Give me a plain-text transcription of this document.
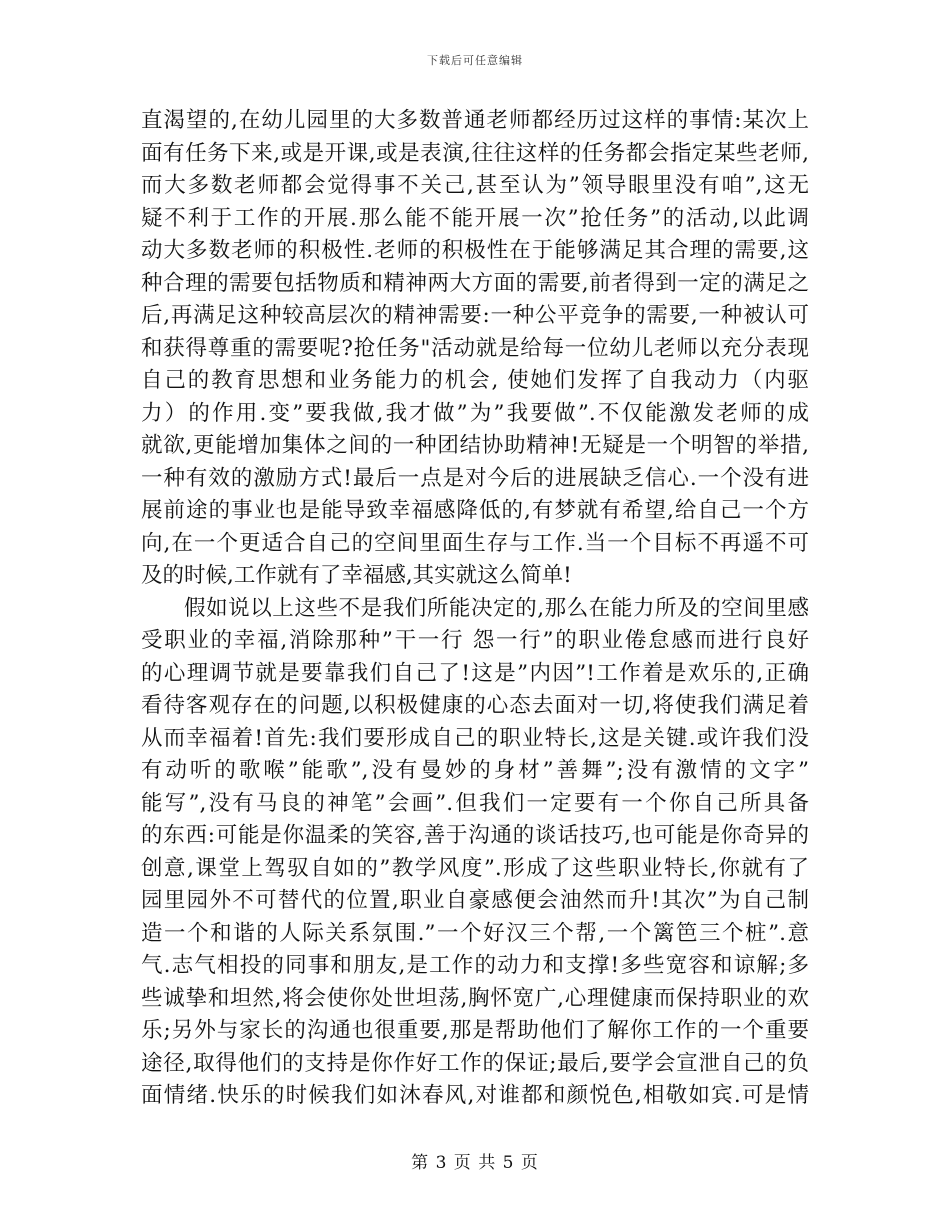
下载后可任意编辑
直渴望的,在幼儿园里的大多数普通老师都经历过这样的事情:某次上
面有任务下来,或是开课,或是表演,往往这样的任务都会指定某些老师,
而大多数老师都会觉得事不关己,甚至认为”领导眼里没有咱”,这无
疑不利于工作的开展.那么能不能开展一次”抢任务”的活动,以此调
动大多数老师的积极性.老师的积极性在于能够满足其合理的需要,这
种合理的需要包括物质和精神两大方面的需要,前者得到一定的满足之
后,再满足这种较高层次的精神需要:一种公平竞争的需要,一种被认可
和获得尊重的需要呢?抢任务"活动就是给每一位幼儿老师以充分表现
自己的教育思想和业务能力的机会, 使她们发挥了自我动力（内驱
力）的作用.变”要我做,我才做”为”我要做”.不仅能激发老师的成
就欲,更能增加集体之间的一种团结协助精神!无疑是一个明智的举措,
一种有效的激励方式!最后一点是对今后的进展缺乏信心.一个没有进
展前途的事业也是能导致幸福感降低的,有梦就有希望,给自己一个方
向,在一个更适合自己的空间里面生存与工作.当一个目标不再遥不可
及的时候,工作就有了幸福感,其实就这么简单!
假如说以上这些不是我们所能决定的,那么在能力所及的空间里感
受职业的幸福,消除那种”干一行 怨一行”的职业倦怠感而进行良好
的心理调节就是要靠我们自己了!这是”内因”!工作着是欢乐的,正确
看待客观存在的问题,以积极健康的心态去面对一切,将使我们满足着
从而幸福着!首先:我们要形成自己的职业特长,这是关键.或许我们没
有动听的歌喉”能歌”,没有曼妙的身材”善舞”;没有激情的文字”
能写”,没有马良的神笔”会画”.但我们一定要有一个你自己所具备
的东西:可能是你温柔的笑容,善于沟通的谈话技巧,也可能是你奇异的
创意,课堂上驾驭自如的”教学风度”.形成了这些职业特长,你就有了
园里园外不可替代的位置,职业自豪感便会油然而升!其次”为自己制
造一个和谐的人际关系氛围.”一个好汉三个帮,一个篱笆三个桩”.意
气.志气相投的同事和朋友,是工作的动力和支撑!多些宽容和谅解;多
些诚挚和坦然,将会使你处世坦荡,胸怀宽广,心理健康而保持职业的欢
乐;另外与家长的沟通也很重要,那是帮助他们了解你工作的一个重要
途径,取得他们的支持是你作好工作的保证;最后,要学会宣泄自己的负
面情绪.快乐的时候我们如沐春风,对谁都和颜悦色,相敬如宾.可是情
第 3 页 共 5 页
